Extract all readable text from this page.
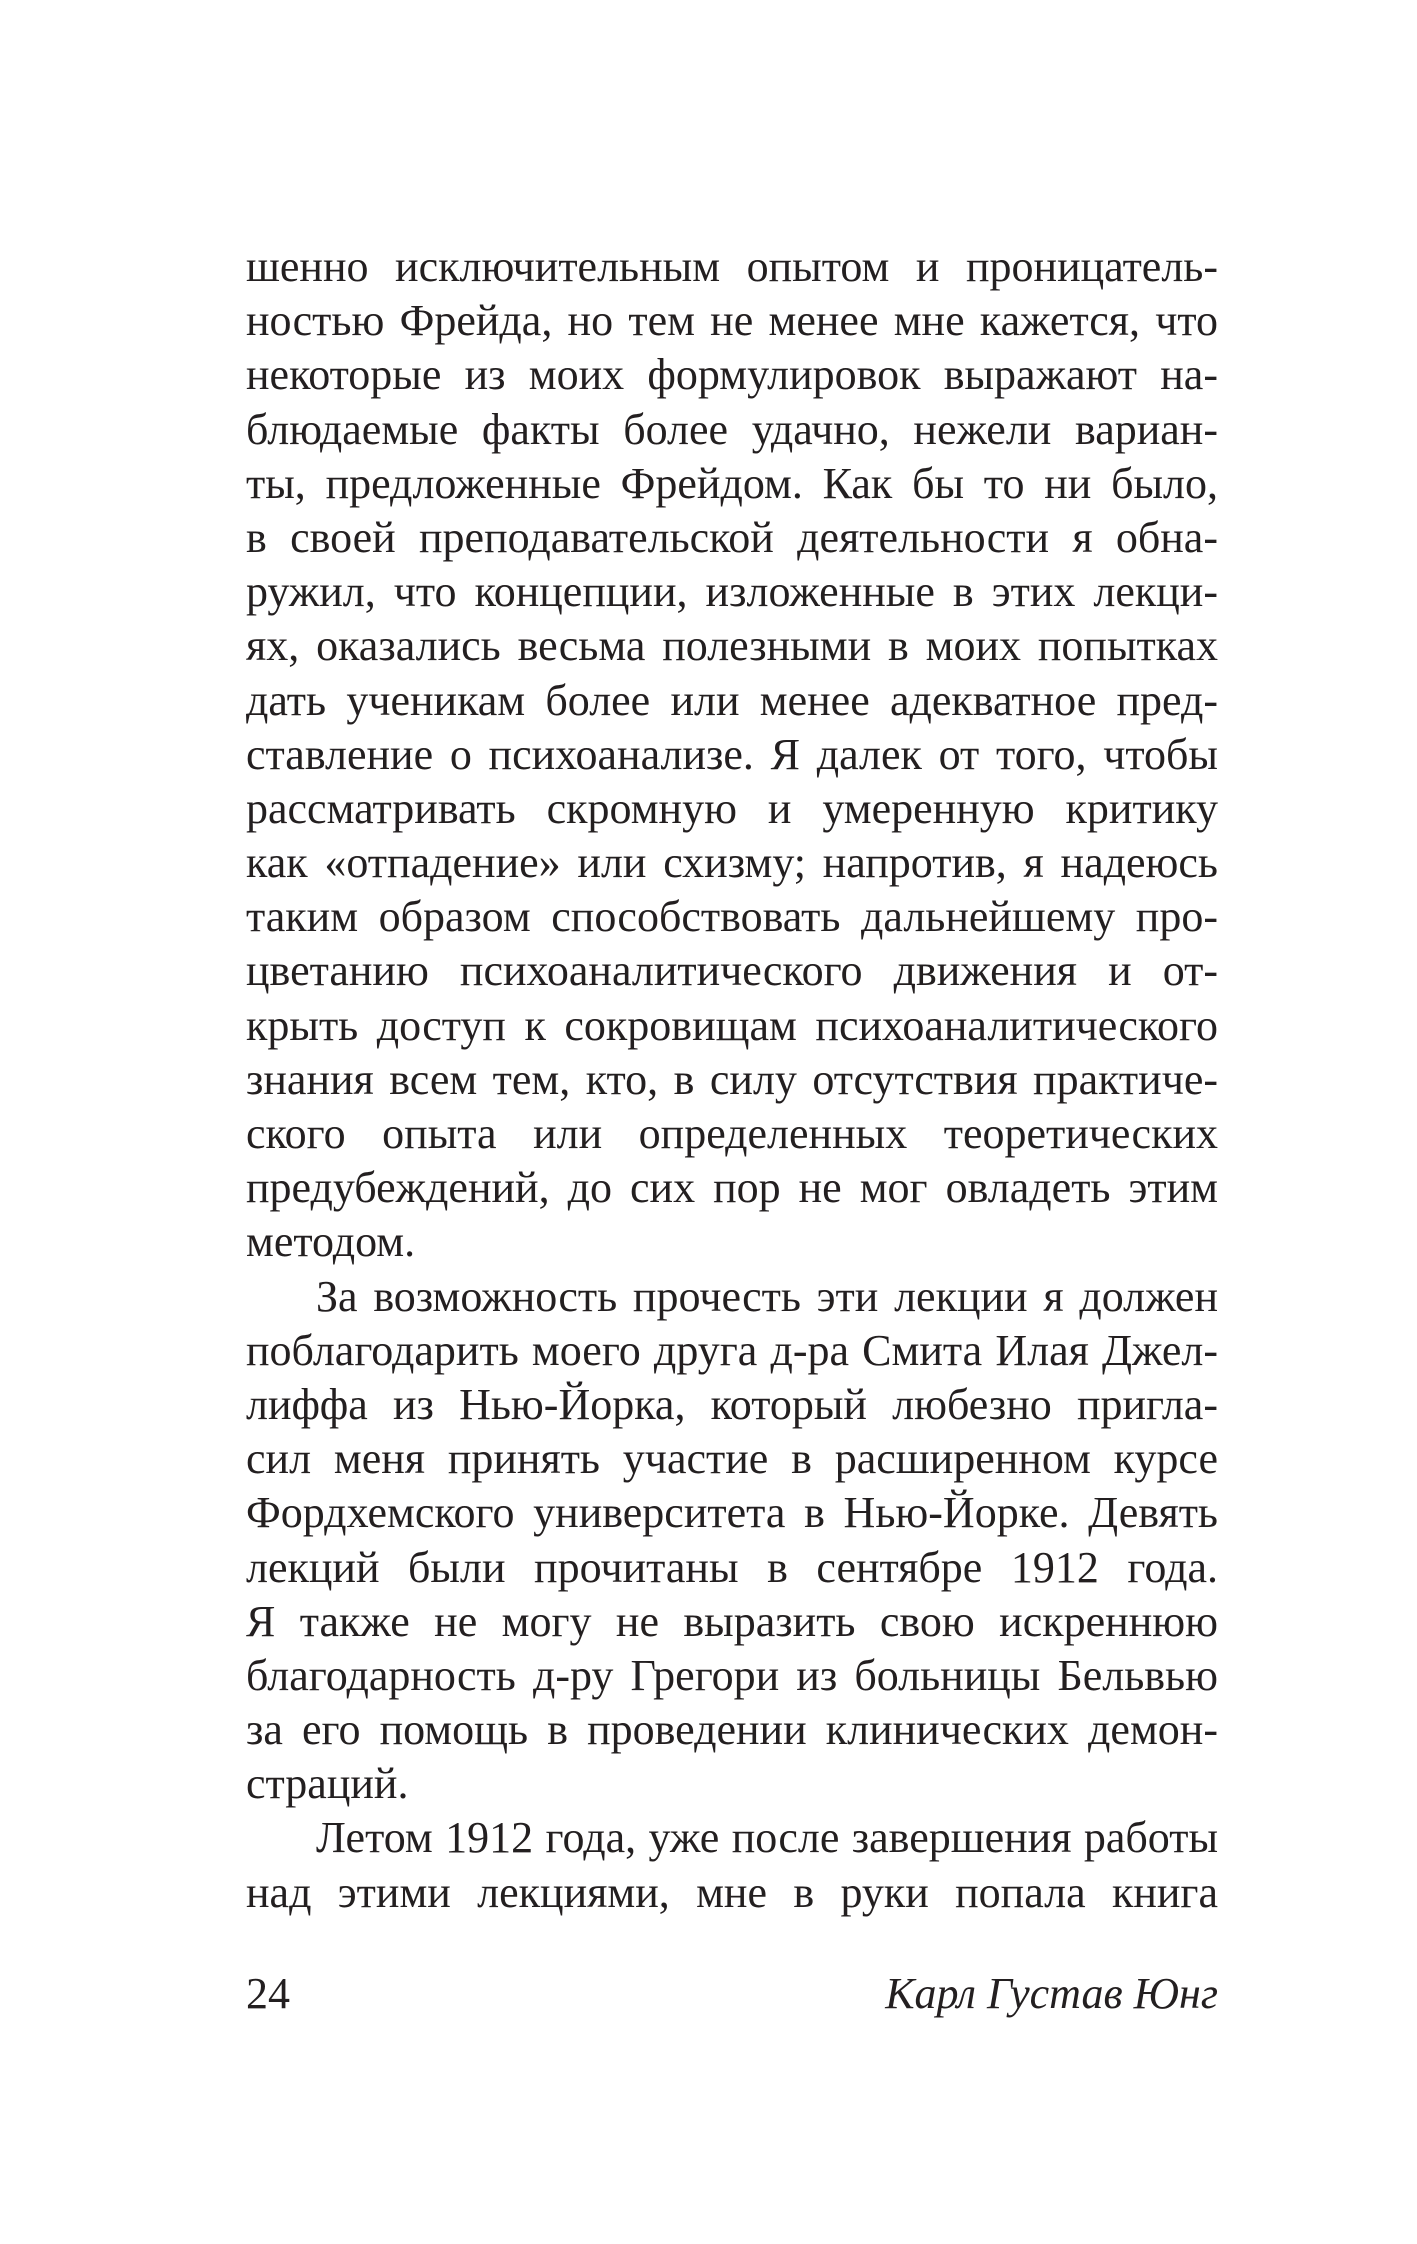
шенно исключительным опытом и проницатель-
ностью Фрейда, но тем не менее мне кажется, что
некоторые из моих формулировок выражают на-
блюдаемые факты более удачно, нежели вариан-
ты, предложенные Фрейдом. Как бы то ни было,
в своей преподавательской деятельности я обна-
ружил, что концепции, изложенные в этих лекци-
ях, оказались весьма полезными в моих попытках
дать ученикам более или менее адекватное пред-
ставление о психоанализе. Я далек от того, чтобы
рассматривать скромную и умеренную критику
как «отпадение» или схизму; напротив, я надеюсь
таким образом способствовать дальнейшему про-
цветанию психоаналитического движения и от-
крыть доступ к сокровищам психоаналитического
знания всем тем, кто, в силу отсутствия практиче-
ского опыта или определенных теоретических
предубеждений, до сих пор не мог овладеть этим
методом.
За возможность прочесть эти лекции я должен
поблагодарить моего друга д-ра Смита Илая Джел-
лиффа из Нью-Йорка, который любезно пригла-
сил меня принять участие в расширенном курсе
Фордхемского университета в Нью-Йорке. Девять
лекций были прочитаны в сентябре 1912 года.
Я также не могу не выразить свою искреннюю
благодарность д-ру Грегори из больницы Бельвью
за его помощь в проведении клинических демон-
страций.
Летом 1912 года, уже после завершения работы
над этими лекциями, мне в руки попала книга
24	Карл Густав Юнг
